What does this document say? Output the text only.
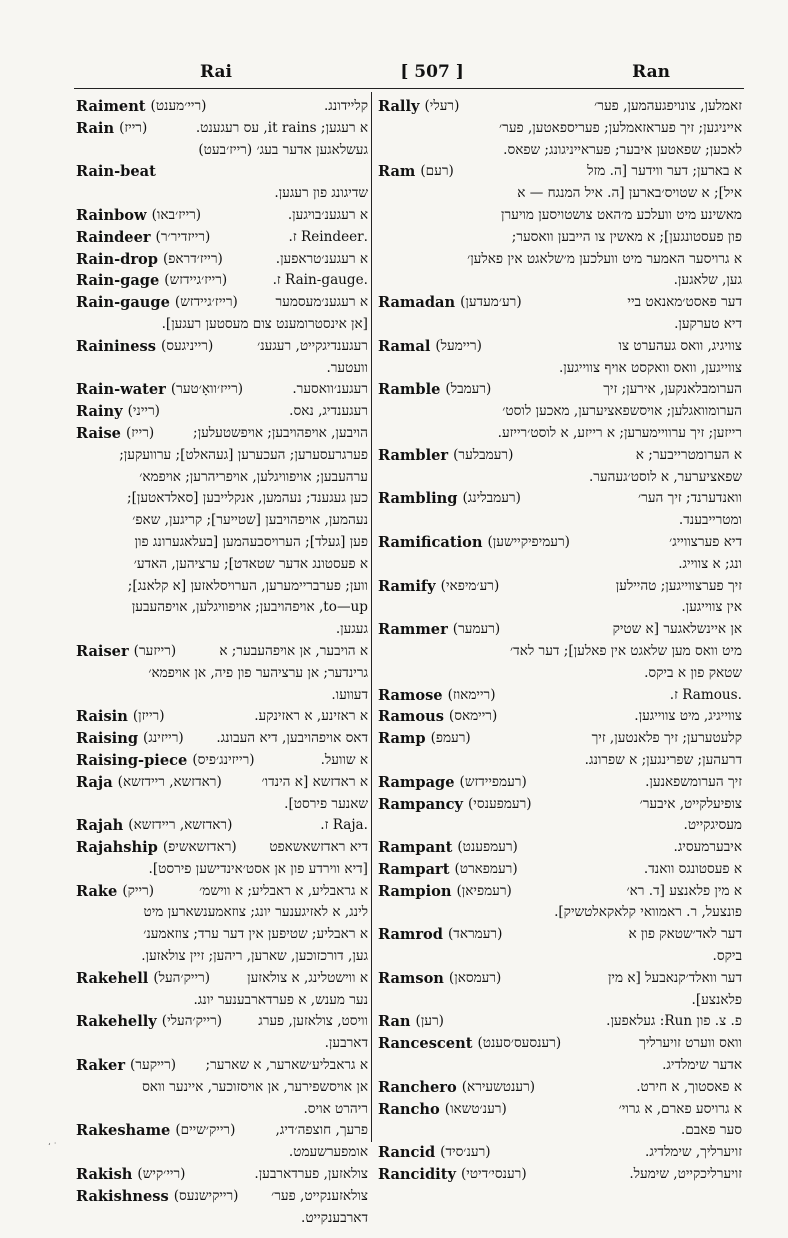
Rai	[ 507 ]	Ran
Raiment (ריי׳מענט)	קליידונג.
Rain (רייז)	א רעגען; it rains, עס רעגענט.
געשלאגען אדער בעג׳ (רייז׳בעט)
Rain-beat
שדיגונג פון רעגען.
Rainbow (רייז׳באו)	א רעגענ׳בויגען.
Raindeer (רייזדיר׳ר)	.Reindeer ז.
Rain-drop (רייז׳דראפ)	א רעגענ׳טראפען.
Rain-gage (רייז׳גיידזש)	.Rain-gauge ז.
Rain-gauge (רייז׳גיידזש)	א רעגענ׳מעסמער
[אן אינסטרומענט צום מעסטען רעגען].
Raininess (רייניגעס)	רעגענדיגקייט, רעגענ׳
וועטער.
Rain-water (רייז׳וואָ׳טער)	רעגענ׳וואסער.
Rainy (רייני)	רעגענדיג, נאס.
Raise (רייז)	הויבען, אויפהויבען; אויפשטעלען;
פערגרעסערען; העכערען [געהאלט]; ערוועקען;
ערהעבען; אויפוויגלען, אויפריהרען; אויפמא׳
כען געגענד; נעהמען, אנקלייבען [סאלדאטען];
נעהמען, אויפהויבען [שטייער]; קריגען, שאפ׳
פען [געלד]; הערויסבעהמען [בעלאגערונג פון
א פעסטונג אדער שטאדט]; ערציהען, האדע׳
ווען; פערבריימערען, הערויסלאזען [א קלאנג];
to—up, אויפהויבען; אויפוויגלען, אויפהעבען
געגען.
Raiser (רייזער)	א הויבער, אן אויפהעבער; א
גרינדער; אן ערציהער פון פיה, אן אויפמא׳
דעוועו.
Raisin (רייזן)	א ראזינע, א ראזינקע.
Raising (רייזינג)	דאס אויפהויבען, דיא העבונג.
Raising-piece (רייזינג׳פיס)	א שוועל.
Raja (ראדזשא, ריידזשא)	א ראדזשא [א הינדו׳
שאנער פירסט].
Rajah (ראדזשא, ריידזשא)	.Raja ז.
Rajahship (ראדזשאשיפ)	דיא ראדזשאשאפט
[דיא ווירדע פון אן אסט׳אינדישען פירסט].
Rake (רייק)	א גראבליע, א ראבליע; א ווישמ׳
לינג, א לאזיגענער יונג; צוזאמענשארען מיט
א ראבליע; שטיפען אין דער ערד; צוזאמענ׳
גען, דורכזוכען, שארען, ריהען; זיין צולאזען.
Rakehell (רייק׳העל)	א ווישטלינג, א צולאזען
נער מענש, א פערדארבענער יונג.
Rakehelly (רייק׳העלי)	וויסט, צולאזען, פערג
דארבען.
Raker (רייקער)	א גראבליע׳שארער, א שארער;
אן אויסשפירער, אן אויסזוכער, איינער וואס
ריהרט אויס.
Rakeshame (רייק׳שיים)	פרעך, חוצפה׳דיג,
אומפערשעמט.
Rakish (ריי׳קיש)	צולאזען, פערדארבען.
Rakishness (רייקישנעס)	צולאזענקייט, פער׳
דארבענקייט.
Rally (רעלי)	זאמלען, צונויפגעהמען, פער׳
אייניגען; זיך פעראזאמלען; פעריספאטען, פער׳
לאכען; שפאטען איבער; פעראייניגונג; שפאס.
Ram (רעם)	א בארען; דער ווידער [ה. מזל
איל]; א שטויס׳בארען [ה. איל המנגח — א
מאשינע מיט וועלכע מ׳האט צושטויסען מויערן
פון פעסטונגען]; א מאשין צו הייבען וואסער;
א גרויסער האמער מיט וועלכען מ׳שלאגט אין פאלען׳
גען, שלאגען.
Ramadan (רע׳מעדען)	דער פאסט׳מאנאט ביי
דיא טערקען.
Ramal (ריימעל)	צוויגיג, וואס געהערט צו
צווייגען, וואס וואקסט אויף צווייגען.
Ramble (רעמבל)	הערומבלאנקען, אירען; זיך
הערומוואגלען; אויסשפאציערען, מאכען לוסט׳
רייזען; זיך ערוויימערען; א רייזע, א לוסט׳רייזע.
Rambler (רעמבלער)	א הערומטרייבער; א
שפאציערער, א לוסט׳געהער.
Rambling (רעמבלינג)	וואנדערנד; זיך הער׳
ומטרייבענד.
Ramification (רעמיפיקיישען)	דיא פערצווייג׳
ונג; א צווייג.
Ramify (רע׳מיפאי)	זיך פערצווייגען; טהיילען
אין צווייגען.
Rammer (רעמער)	אן איינשלאגער [א שטיק
מיט וואס מען שלאגט אין פאלען]; דער לאד׳
שטאק פון א ביקס.
Ramose (ריימאוז)	.Ramous ז.
Ramous (ריימאס)	צווייגיג, מיט צווייגען.
Ramp (רעמפ)	קלעטערען; זיך פלאנטען, זיך
דרעהען; שפרינגען; א שפרונג.
Rampage (רעמפיידזש)	זיך הערומשפאנען.
Rampancy (רעמפענסי)	צופיעלקייט, איבער׳
מעסיגקייט.
Rampant (רעמפענט)	איבערמעסיג.
Rampart (רעמפארט)	א פעסטונגס וואנד.
Rampion (רעמפיאן)	א מין פלאנצע [ד. רא׳
פונצעל, ר. ראמוואי קלאקאלטשיק].
Ramrod (רעמראד)	דער לאד׳שטאק פון א
ביקס.
Ramson (רעמסאן)	דער וואלד׳קנאבעל [א מין
פלאנצע].
Ran (רען)	פ. צ. פון Run: געלאפען.
Rancescent (רענסעס׳סענט)	וואס ווערט זויערליך
אדער שימלדיג.
Ranchero (רענטשעירא)	א פאסטוך, א חירט.
Rancho (רענ׳טשאו)	א גרויסע פארם, א גרוי׳
סער פאבם.
Rancid (רענ׳סיד)	זויערליך, שימלדיג.
Rancidity (רענסי׳דיטי)	זויערליכקייט, שימעל.
ʻ ˙
